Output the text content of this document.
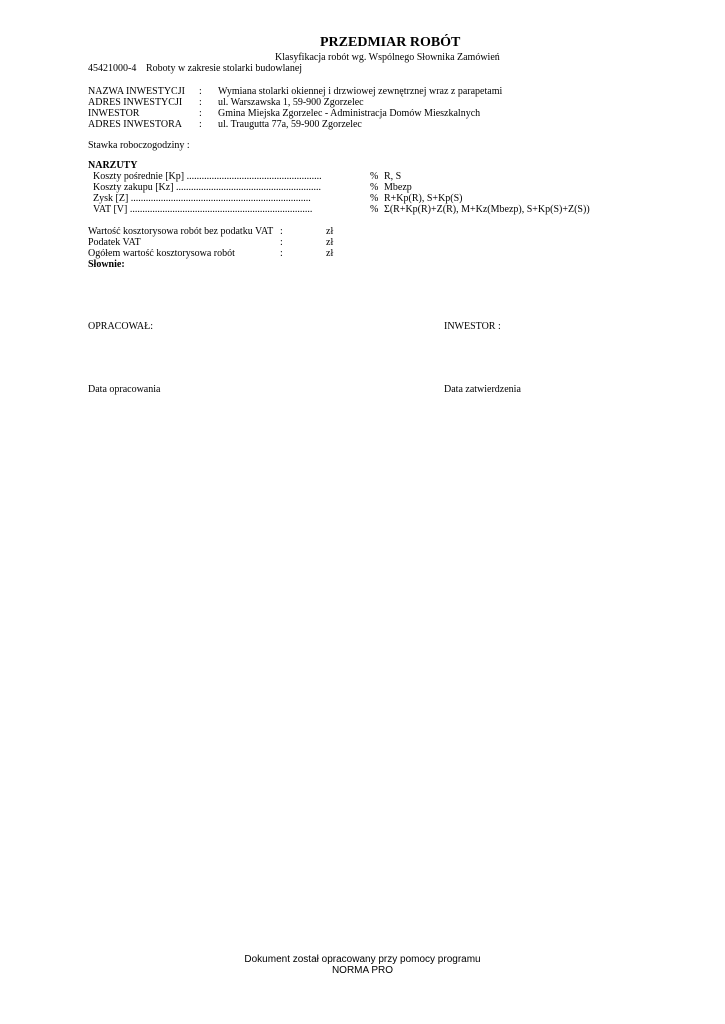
PRZEDMIAR ROBÓT
Klasyfikacja robót wg. Wspólnego Słownika Zamówień
45421000-4 Roboty w zakresie stolarki budowlanej
NAZWA INWESTYCJI : Wymiana stolarki okiennej i drzwiowej zewnętrznej wraz z parapetami
ADRES INWESTYCJI : ul. Warszawska 1, 59-900 Zgorzelec
INWESTOR	: Gmina Miejska Zgorzelec - Administracja Domów Mieszkalnych
ADRES INWESTORA : ul. Traugutta 77a, 59-900 Zgorzelec
Stawka roboczogodziny :
NARZUTY
Koszty pośrednie [Kp] ......................................................	% R, S
Koszty zakupu [Kz] ..........................................................	% Mbezp
Zysk [Z] ........................................................................	% R+Kp(R), S+Kp(S)
VAT [V] .........................................................................	% Σ(R+Kp(R)+Z(R), M+Kz(Mbezp), S+Kp(S)+Z(S))
Wartość kosztorysowa robót bez podatku VAT :	zł
Podatek VAT	:	zł
Ogółem wartość kosztorysowa robót	:	zł
Słownie:
OPRACOWAŁ:	INWESTOR :
Data opracowania	Data zatwierdzenia
Dokument został opracowany przy pomocy programu
NORMA PRO
